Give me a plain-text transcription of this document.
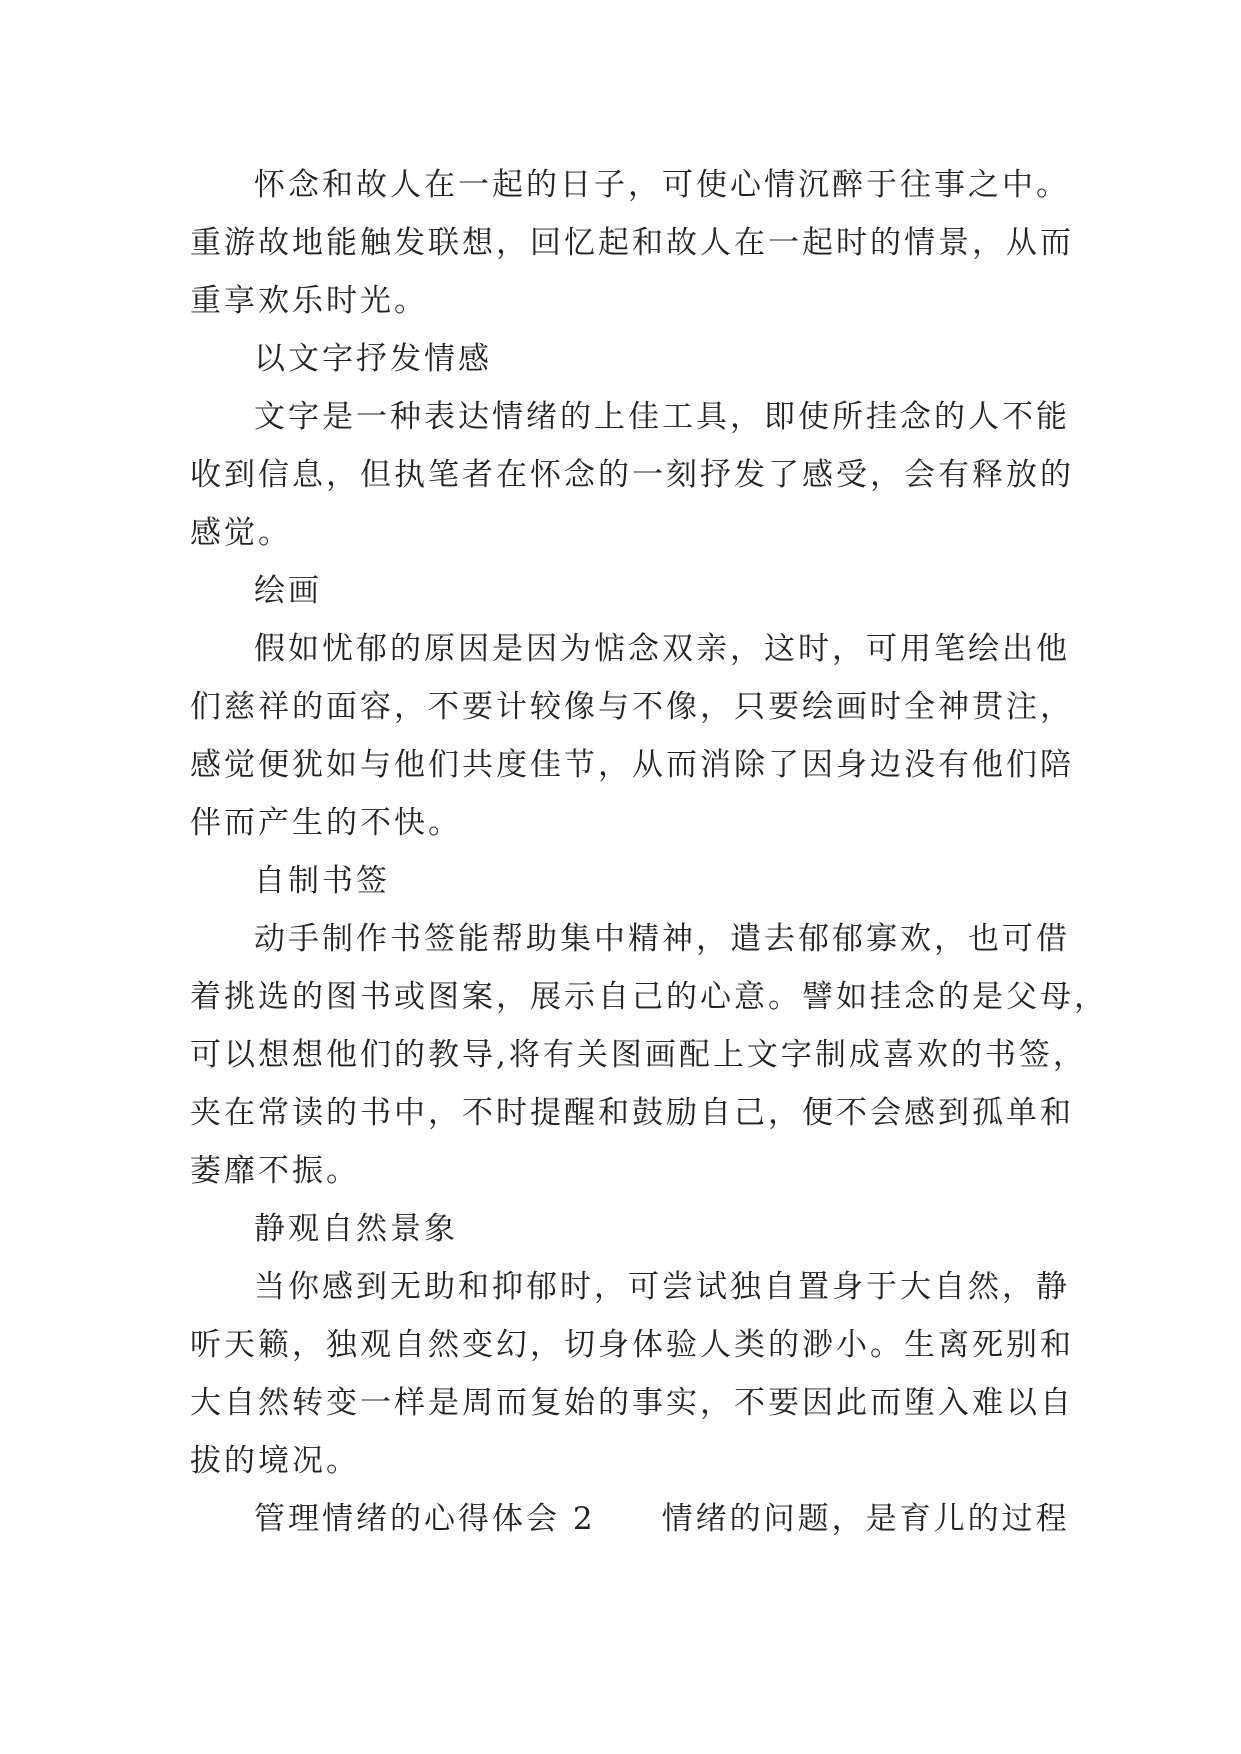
怀念和故人在一起的日子，可使心情沉醉于往事之中。
重游故地能触发联想，回忆起和故人在一起时的情景，从而
重享欢乐时光。
以文字抒发情感
文字是一种表达情绪的上佳工具，即使所挂念的人不能
收到信息，但执笔者在怀念的一刻抒发了感受，会有释放的
感觉。
绘画
假如忧郁的原因是因为惦念双亲，这时，可用笔绘出他
们慈祥的面容，不要计较像与不像，只要绘画时全神贯注，
感觉便犹如与他们共度佳节，从而消除了因身边没有他们陪
伴而产生的不快。
自制书签
动手制作书签能帮助集中精神，遣去郁郁寡欢，也可借
着挑选的图书或图案，展示自己的心意。譬如挂念的是父母，
可以想想他们的教导,将有关图画配上文字制成喜欢的书签，
夹在常读的书中，不时提醒和鼓励自己，便不会感到孤单和
萎靡不振。
静观自然景象
当你感到无助和抑郁时，可尝试独自置身于大自然，静
听天籁，独观自然变幻，切身体验人类的渺小。生离死别和
大自然转变一样是周而复始的事实，不要因此而堕入难以自
拔的境况。
管理情绪的心得体会 2 情绪的问题，是育儿的过程
